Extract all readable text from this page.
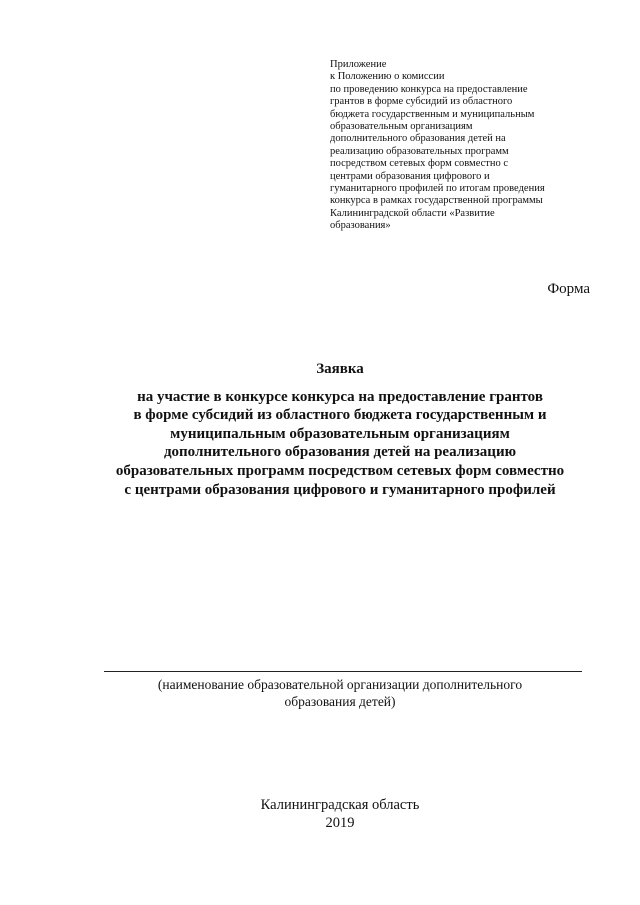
Приложение
к Положению о комиссии
по проведению конкурса на предоставление
грантов в форме субсидий из областного
бюджета государственным и муниципальным
образовательным организациям
дополнительного образования детей на
реализацию образовательных программ
посредством сетевых форм совместно с
центрами образования цифрового и
гуманитарного профилей по итогам проведения
конкурса в рамках государственной программы
Калининградской области «Развитие
образования»
Форма
Заявка
на участие в конкурсе конкурса на предоставление грантов
в форме субсидий из областного бюджета государственным и
муниципальным образовательным организациям
дополнительного образования детей на реализацию
образовательных программ посредством сетевых форм совместно
с центрами образования цифрового и гуманитарного профилей
(наименование образовательной организации дополнительного
образования детей)
Калининградская область
2019
